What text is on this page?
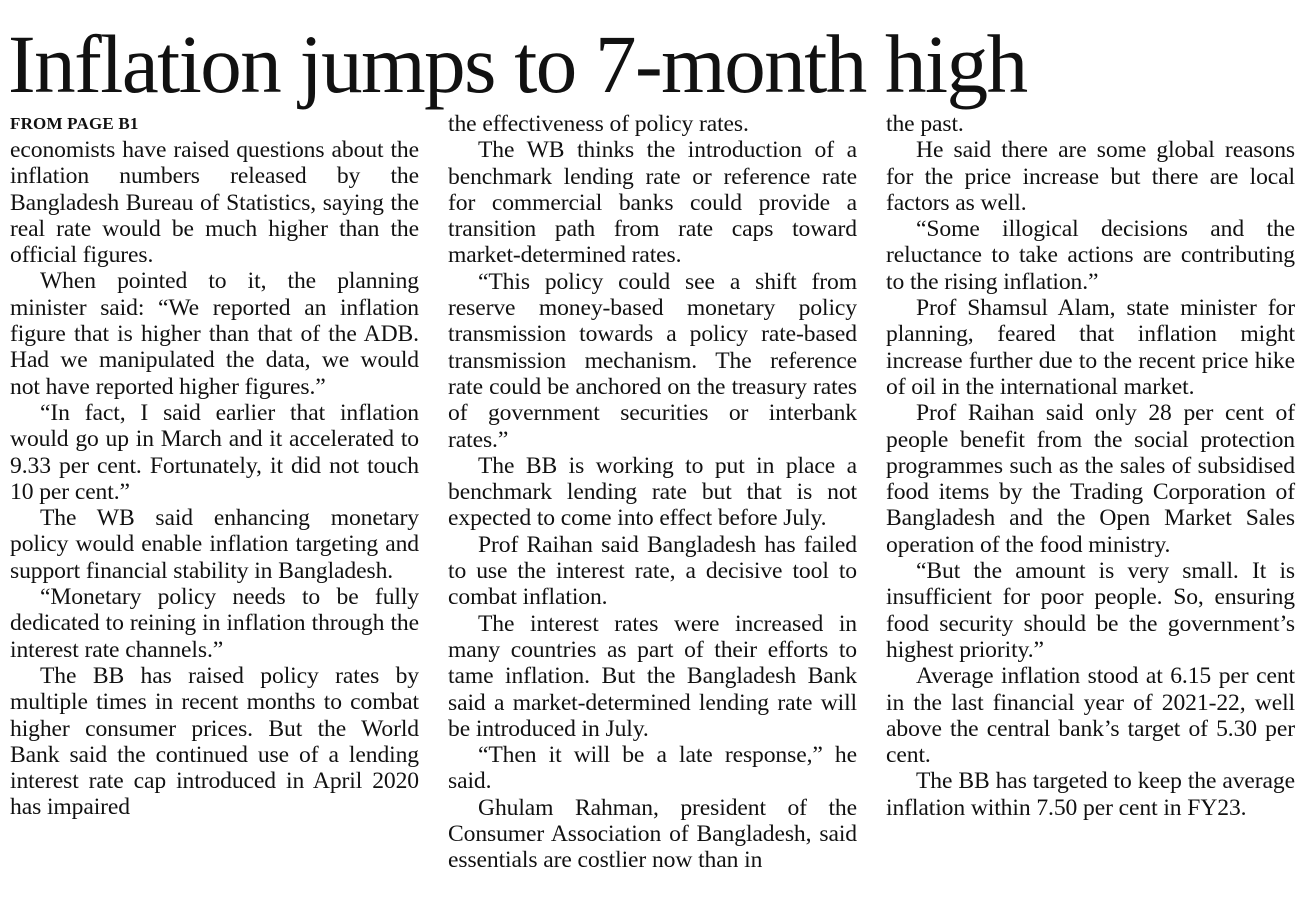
Inflation jumps to 7-month high
FROM PAGE B1

economists have raised questions about the inflation numbers released by the Bangladesh Bureau of Statistics, saying the real rate would be much higher than the official figures.

When pointed to it, the planning minister said: “We reported an inflation figure that is higher than that of the ADB. Had we manipulated the data, we would not have reported higher figures.”

“In fact, I said earlier that inflation would go up in March and it accelerated to 9.33 per cent. Fortunately, it did not touch 10 per cent.”

The WB said enhancing monetary policy would enable inflation targeting and support financial stability in Bangladesh.

“Monetary policy needs to be fully dedicated to reining in inflation through the interest rate channels.”

The BB has raised policy rates by multiple times in recent months to combat higher consumer prices. But the World Bank said the continued use of a lending interest rate cap introduced in April 2020 has impaired

the effectiveness of policy rates.

The WB thinks the introduction of a benchmark lending rate or reference rate for commercial banks could provide a transition path from rate caps toward market-determined rates.

“This policy could see a shift from reserve money-based monetary policy transmission towards a policy rate-based transmission mechanism. The reference rate could be anchored on the treasury rates of government securities or interbank rates.”

The BB is working to put in place a benchmark lending rate but that is not expected to come into effect before July.

Prof Raihan said Bangladesh has failed to use the interest rate, a decisive tool to combat inflation.

The interest rates were increased in many countries as part of their efforts to tame inflation. But the Bangladesh Bank said a market-determined lending rate will be introduced in July.

“Then it will be a late response,” he said.

Ghulam Rahman, president of the Consumer Association of Bangladesh, said essentials are costlier now than in

the past.

He said there are some global reasons for the price increase but there are local factors as well.

“Some illogical decisions and the reluctance to take actions are contributing to the rising inflation.”

Prof Shamsul Alam, state minister for planning, feared that inflation might increase further due to the recent price hike of oil in the international market.

Prof Raihan said only 28 per cent of people benefit from the social protection programmes such as the sales of subsidised food items by the Trading Corporation of Bangladesh and the Open Market Sales operation of the food ministry.

“But the amount is very small. It is insufficient for poor people. So, ensuring food security should be the government’s highest priority.”

Average inflation stood at 6.15 per cent in the last financial year of 2021-22, well above the central bank’s target of 5.30 per cent.

The BB has targeted to keep the average inflation within 7.50 per cent in FY23.
